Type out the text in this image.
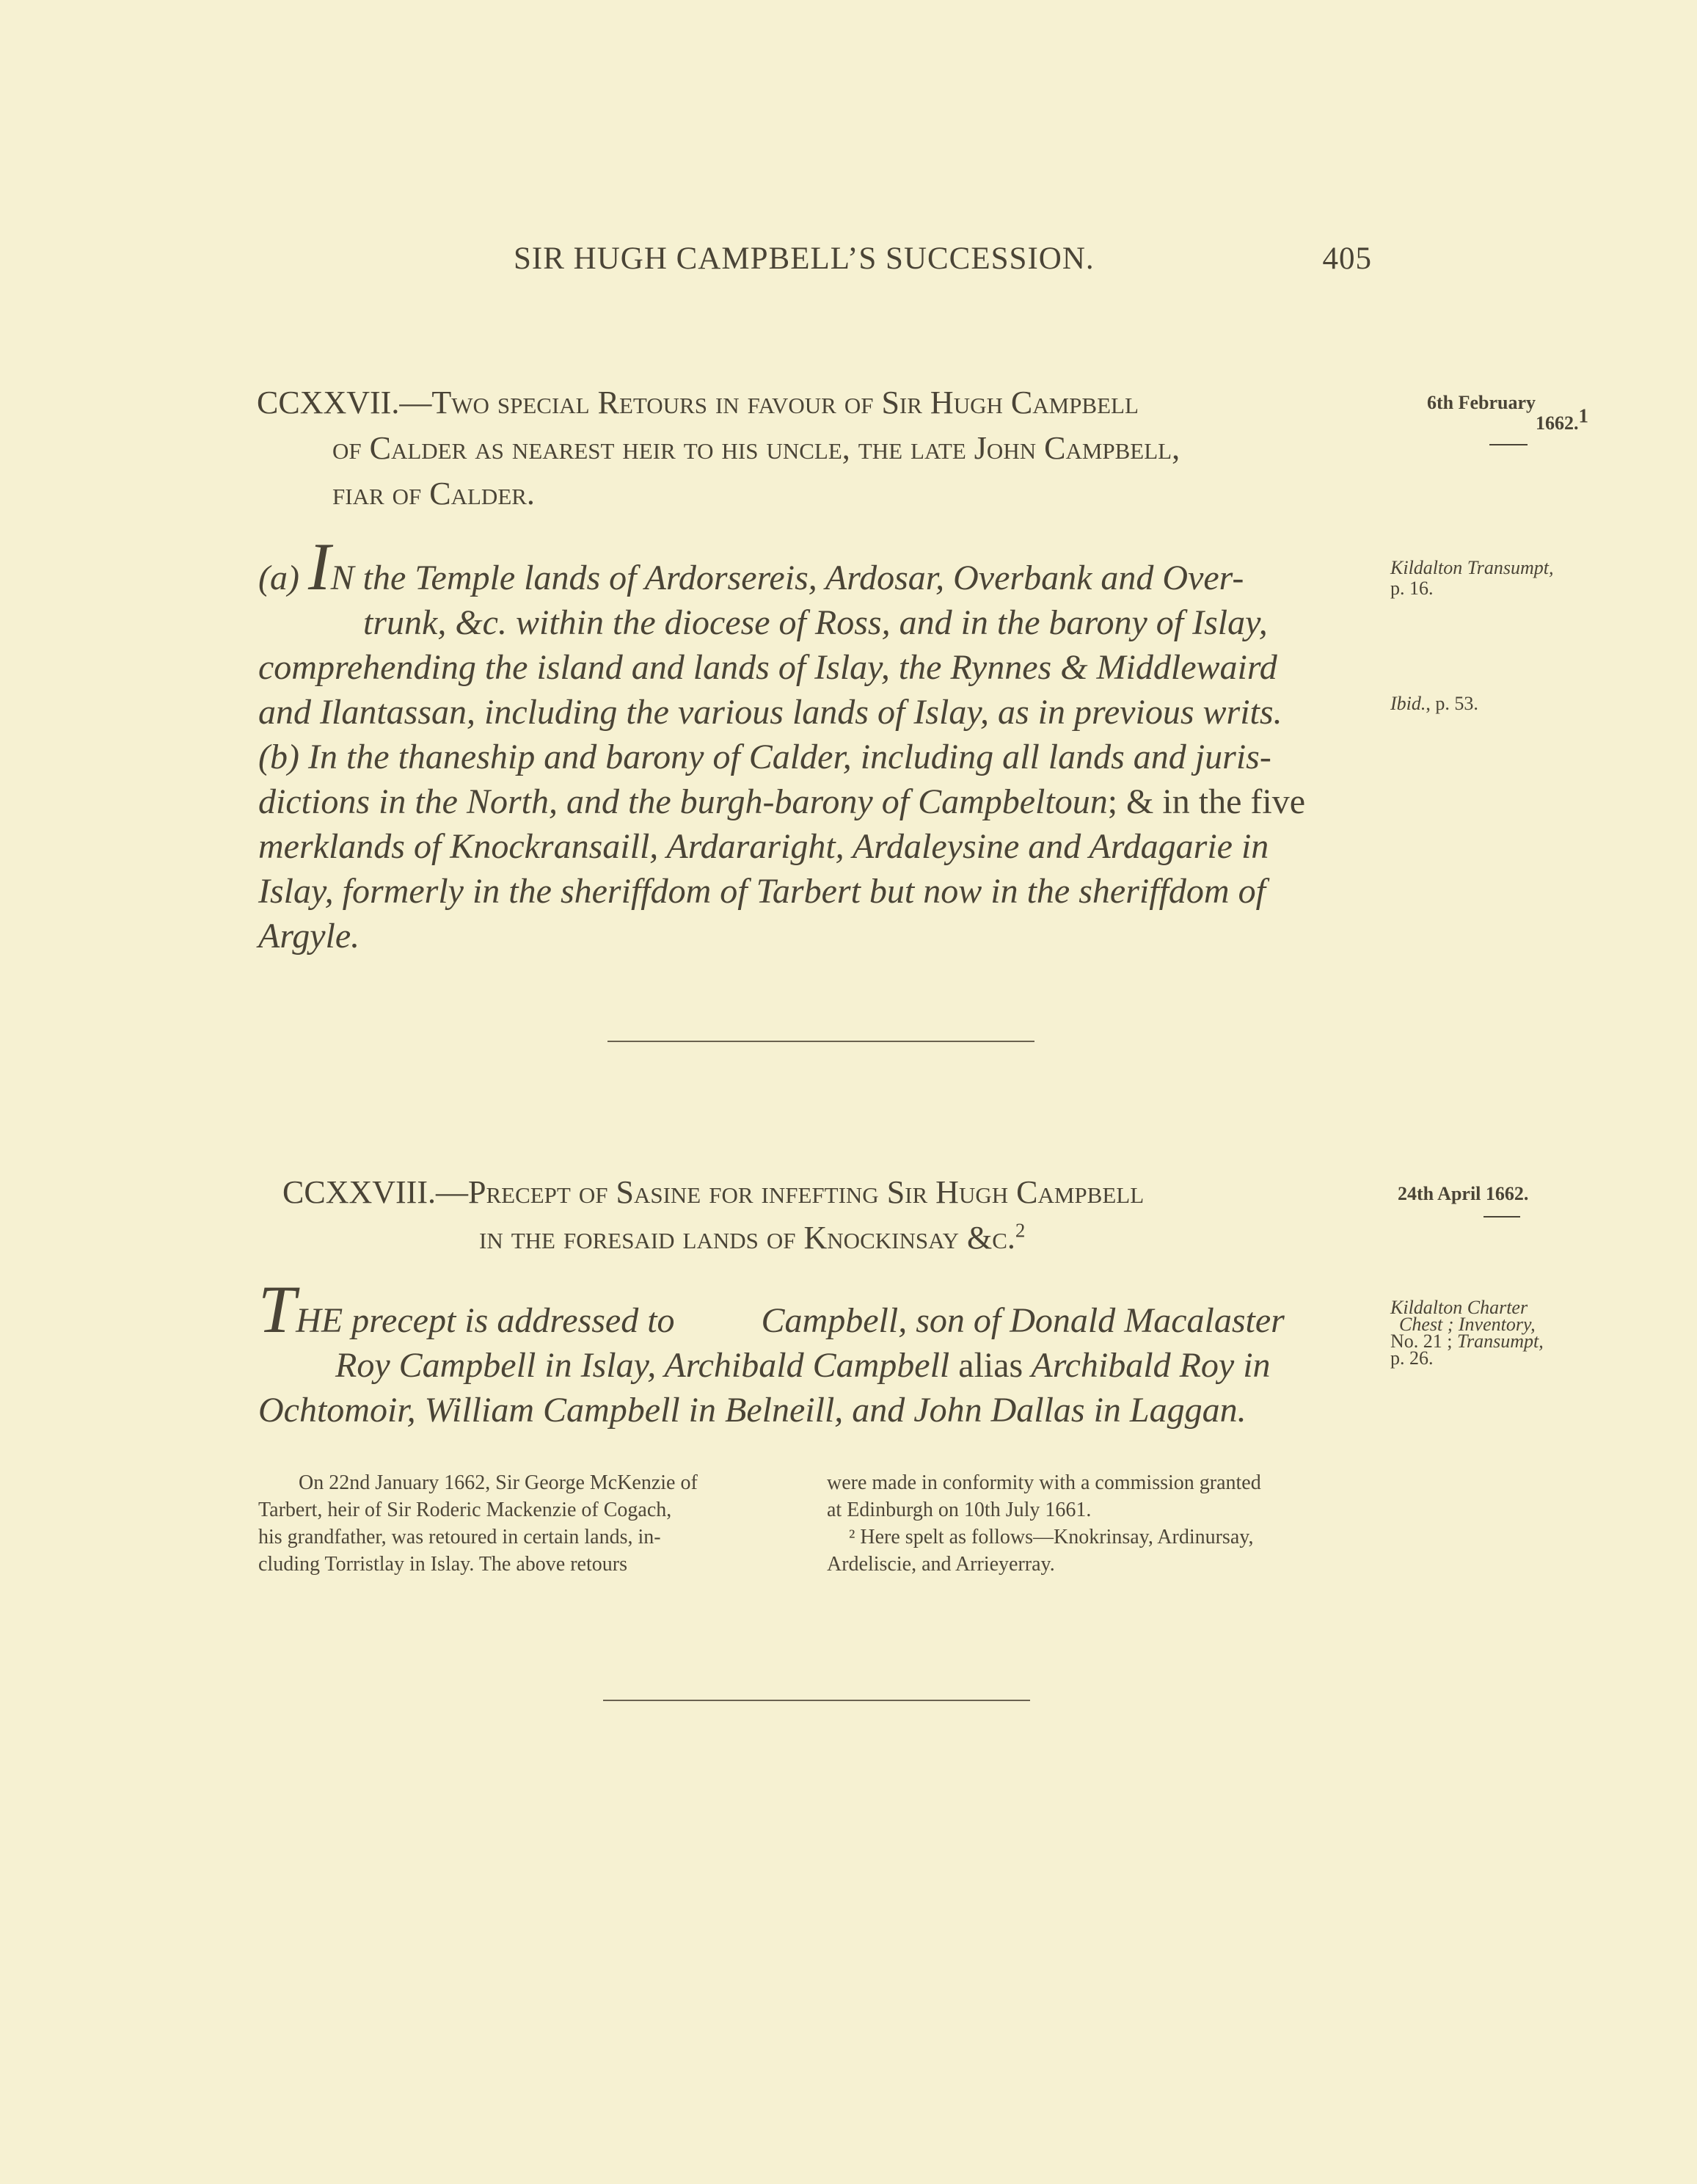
SIR HUGH CAMPBELL’S SUCCESSION.	405
CCXXVII.—Two special Retours in favour of Sir Hugh Campbell
of Calder as nearest heir to his uncle, the late John Campbell,
fiar of Calder.
6th February
1662.1
(a) IN the Temple lands of Ardorsereis, Ardosar, Overbank and Over-
trunk, &c. within the diocese of Ross, and in the barony of Islay,
comprehending the island and lands of Islay, the Rynnes & Middlewaird
and Ilantassan, including the various lands of Islay, as in previous writs.
(b) In the thaneship and barony of Calder, including all lands and juris-
dictions in the North, and the burgh-barony of Campbeltoun; & in the five
merklands of Knockransaill, Ardararight, Ardaleysine and Ardagarie in
Islay, formerly in the sheriffdom of Tarbert but now in the sheriffdom of
Argyle.
Kildalton Transumpt,
p. 16.
Ibid., p. 53.
CCXXVIII.—Precept of Sasine for infefting Sir Hugh Campbell
in the foresaid lands of Knockinsay &c.$^2$
24th April 1662.
THE precept is addressed to Campbell, son of Donald Macalaster
Roy Campbell in Islay, Archibald Campbell alias Archibald Roy in
Ochtomoir, William Campbell in Belneill, and John Dallas in Laggan.
Kildalton Charter
Chest ; Inventory,
No. 21 ; Transumpt,
p. 26.
On 22nd January 1662, Sir George McKenzie of
Tarbert, heir of Sir Roderic Mackenzie of Cogach,
his grandfather, was retoured in certain lands, in-
cluding Torristlay in Islay. The above retours
were made in conformity with a commission granted
at Edinburgh on 10th July 1661.
² Here spelt as follows—Knokrinsay, Ardinursay,
Ardeliscie, and Arrieyerray.
